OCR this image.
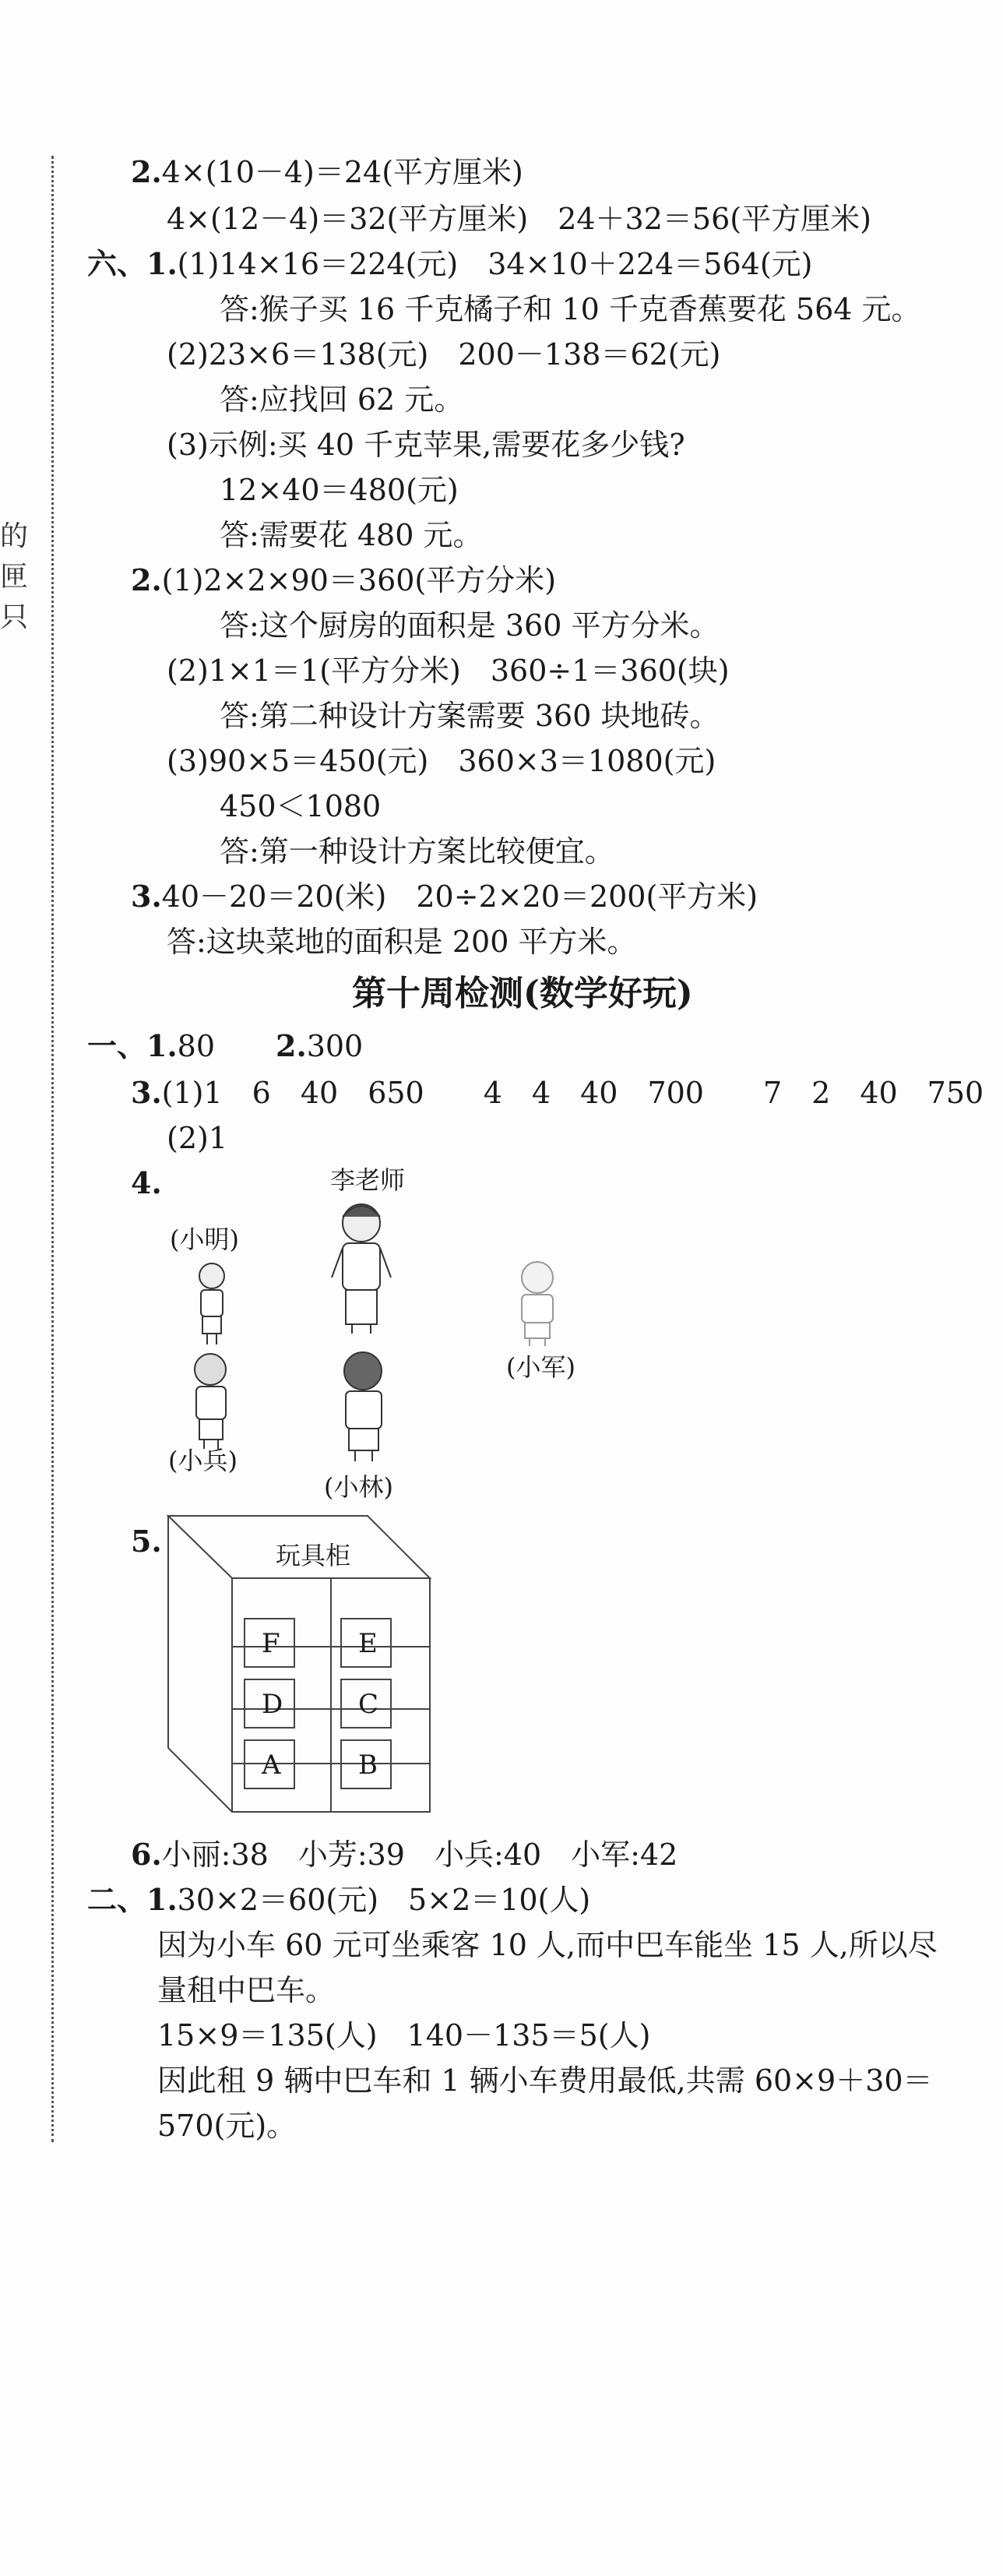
的
匣
只
2.4×(10－4)＝24(平方厘米)
4×(12－4)＝32(平方厘米)　24＋32＝56(平方厘米)
六、1.(1)14×16＝224(元)　34×10＋224＝564(元)
答:猴子买 16 千克橘子和 10 千克香蕉要花 564 元。
(2)23×6＝138(元)　200－138＝62(元)
答:应找回 62 元。
(3)示例:买 40 千克苹果,需要花多少钱?
12×40＝480(元)
答:需要花 480 元。
2.(1)2×2×90＝360(平方分米)
答:这个厨房的面积是 360 平方分米。
(2)1×1＝1(平方分米)　360÷1＝360(块)
答:第二种设计方案需要 360 块地砖。
(3)90×5＝450(元)　360×3＝1080(元)
450＜1080
答:第一种设计方案比较便宜。
3.40－20＝20(米)　20÷2×20＝200(平方米)
答:这块菜地的面积是 200 平方米。
第十周检测(数学好玩)
一、1.80 2.300
3.(1)1　6　40　650　　4　4　40　700　　7　2　40　750
(2)1
4.	李老师
(小明)
(小军)
(小兵)
(小林)
5.	玩具柜
F	E
D	C
A	B
6.小丽:38　小芳:39　小兵:40　小军:42
二、1.30×2＝60(元)　5×2＝10(人)
因为小车 60 元可坐乘客 10 人,而中巴车能坐 15 人,所以尽
量租中巴车。
15×9＝135(人)　140－135＝5(人)
因此租 9 辆中巴车和 1 辆小车费用最低,共需 60×9＋30＝
570(元)。
